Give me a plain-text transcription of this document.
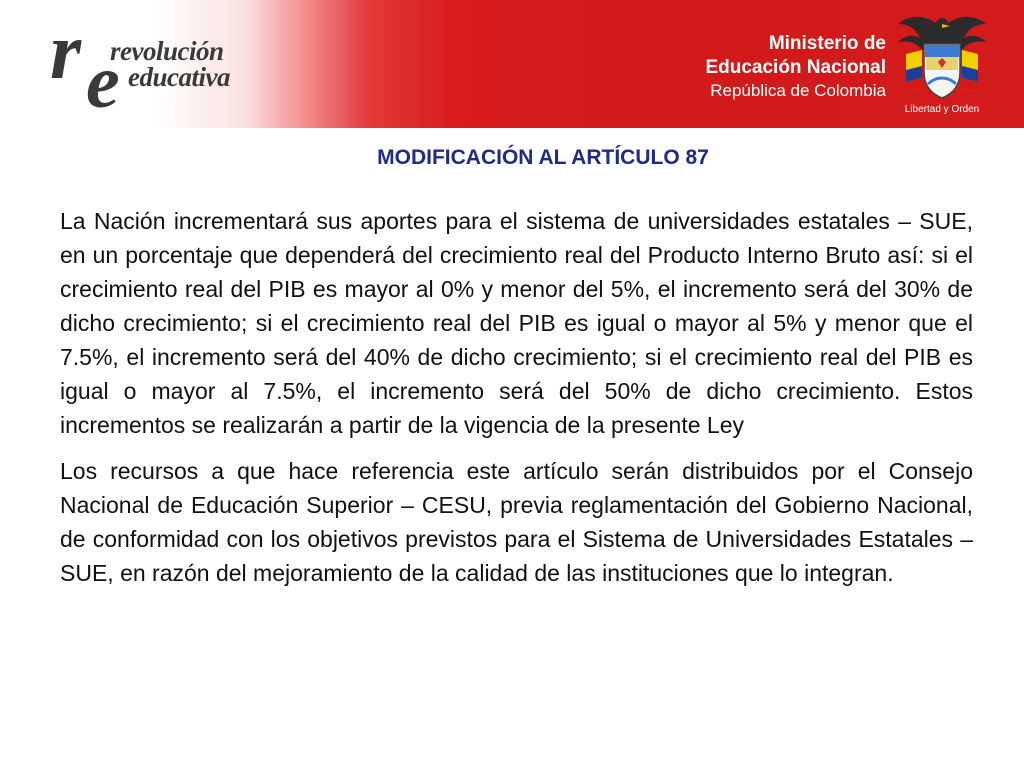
r e
revolución
educativa
Ministerio de
Educación Nacional
República de Colombia
Libertad y Orden
MODIFICACIÓN AL ARTÍCULO 87

La Nación incrementará sus aportes para el sistema de universidades estatales – SUE, en un porcentaje que dependerá del crecimiento real del Producto Interno Bruto así: si el crecimiento real del PIB es mayor al 0% y menor del 5%, el incremento será del 30% de dicho crecimiento; si el crecimiento real del PIB es igual o mayor al 5% y menor que el 7.5%, el incremento será del 40% de dicho crecimiento; si el crecimiento real del PIB es igual o mayor al 7.5%, el incremento será del 50% de dicho crecimiento. Estos incrementos se realizarán a partir de la vigencia de la presente Ley

Los recursos a que hace referencia este artículo serán distribuidos por el Consejo Nacional de Educación Superior – CESU, previa reglamentación del Gobierno Nacional, de conformidad con los objetivos previstos para el Sistema de Universidades Estatales – SUE, en razón del mejoramiento de la calidad de las instituciones que lo integran.
